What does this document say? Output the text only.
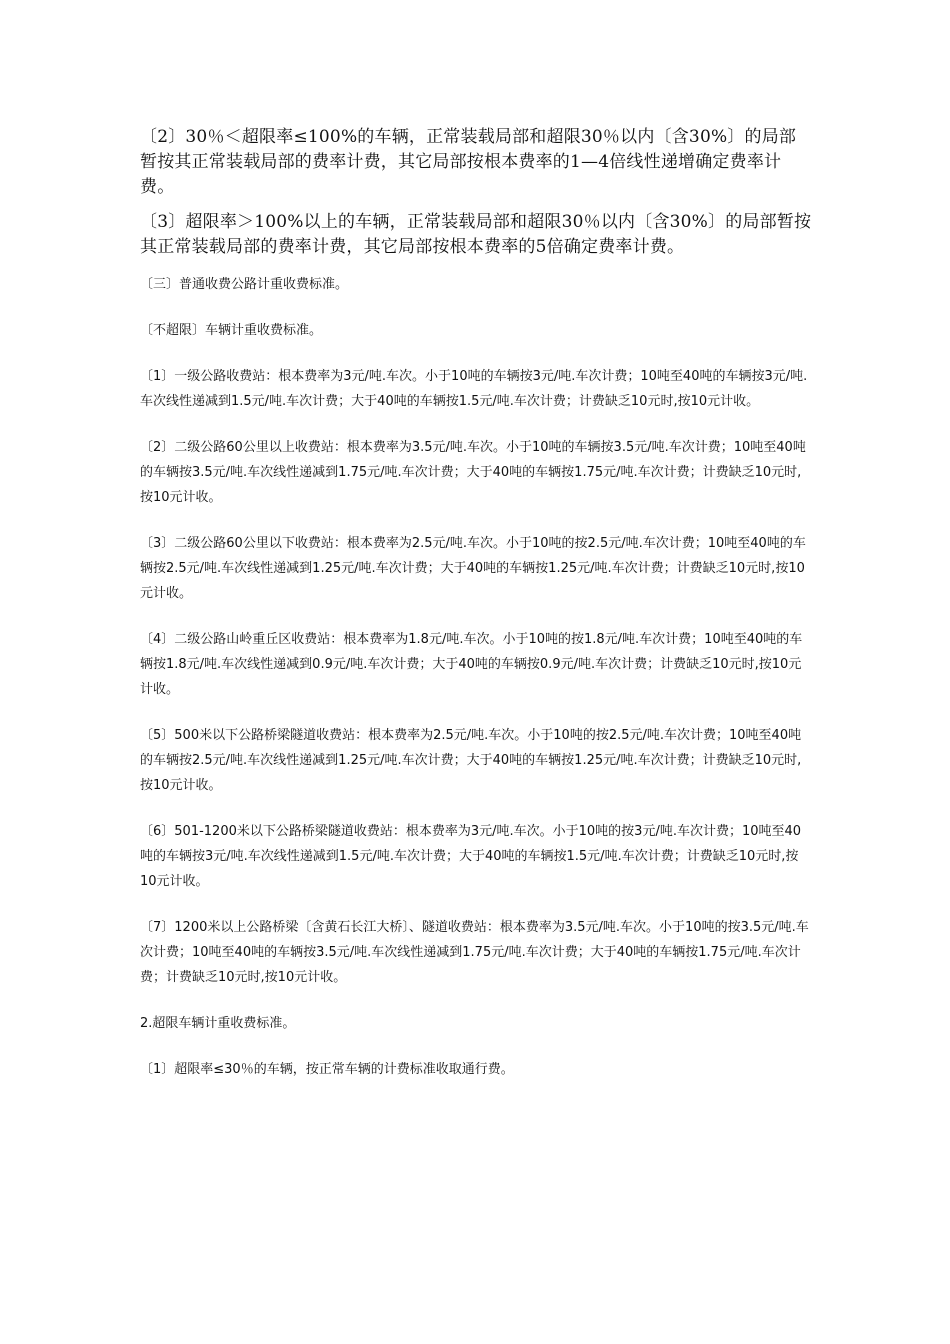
〔2〕30％＜超限率≤100%的车辆，正常装载局部和超限30％以内〔含30%〕的局部暂按其正常装载局部的费率计费，其它局部按根本费率的1—4倍线性递增确定费率计费。

〔3〕超限率＞100%以上的车辆，正常装载局部和超限30％以内〔含30%〕的局部暂按其正常装载局部的费率计费，其它局部按根本费率的5倍确定费率计费。

〔三〕普通收费公路计重收费标准。

〔不超限〕车辆计重收费标准。

〔1〕一级公路收费站：根本费率为3元/吨.车次。小于10吨的车辆按3元/吨.车次计费；10吨至40吨的车辆按3元/吨.车次线性递减到1.5元/吨.车次计费；大于40吨的车辆按1.5元/吨.车次计费；计费缺乏10元时,按10元计收。

〔2〕二级公路60公里以上收费站：根本费率为3.5元/吨.车次。小于10吨的车辆按3.5元/吨.车次计费；10吨至40吨的车辆按3.5元/吨.车次线性递减到1.75元/吨.车次计费；大于40吨的车辆按1.75元/吨.车次计费；计费缺乏10元时,按10元计收。

〔3〕二级公路60公里以下收费站：根本费率为2.5元/吨.车次。小于10吨的按2.5元/吨.车次计费；10吨至40吨的车辆按2.5元/吨.车次线性递减到1.25元/吨.车次计费；大于40吨的车辆按1.25元/吨.车次计费；计费缺乏10元时,按10元计收。

〔4〕二级公路山岭重丘区收费站：根本费率为1.8元/吨.车次。小于10吨的按1.8元/吨.车次计费；10吨至40吨的车辆按1.8元/吨.车次线性递减到0.9元/吨.车次计费；大于40吨的车辆按0.9元/吨.车次计费；计费缺乏10元时,按10元计收。

〔5〕500米以下公路桥梁隧道收费站：根本费率为2.5元/吨.车次。小于10吨的按2.5元/吨.车次计费；10吨至40吨的车辆按2.5元/吨.车次线性递减到1.25元/吨.车次计费；大于40吨的车辆按1.25元/吨.车次计费；计费缺乏10元时,按10元计收。

〔6〕501-1200米以下公路桥梁隧道收费站：根本费率为3元/吨.车次。小于10吨的按3元/吨.车次计费；10吨至40吨的车辆按3元/吨.车次线性递减到1.5元/吨.车次计费；大于40吨的车辆按1.5元/吨.车次计费；计费缺乏10元时,按10元计收。

〔7〕1200米以上公路桥梁〔含黄石长江大桥〕、隧道收费站：根本费率为3.5元/吨.车次。小于10吨的按3.5元/吨.车次计费；10吨至40吨的车辆按3.5元/吨.车次线性递减到1.75元/吨.车次计费；大于40吨的车辆按1.75元/吨.车次计费；计费缺乏10元时,按10元计收。

2.超限车辆计重收费标准。

〔1〕超限率≤30％的车辆，按正常车辆的计费标准收取通行费。
